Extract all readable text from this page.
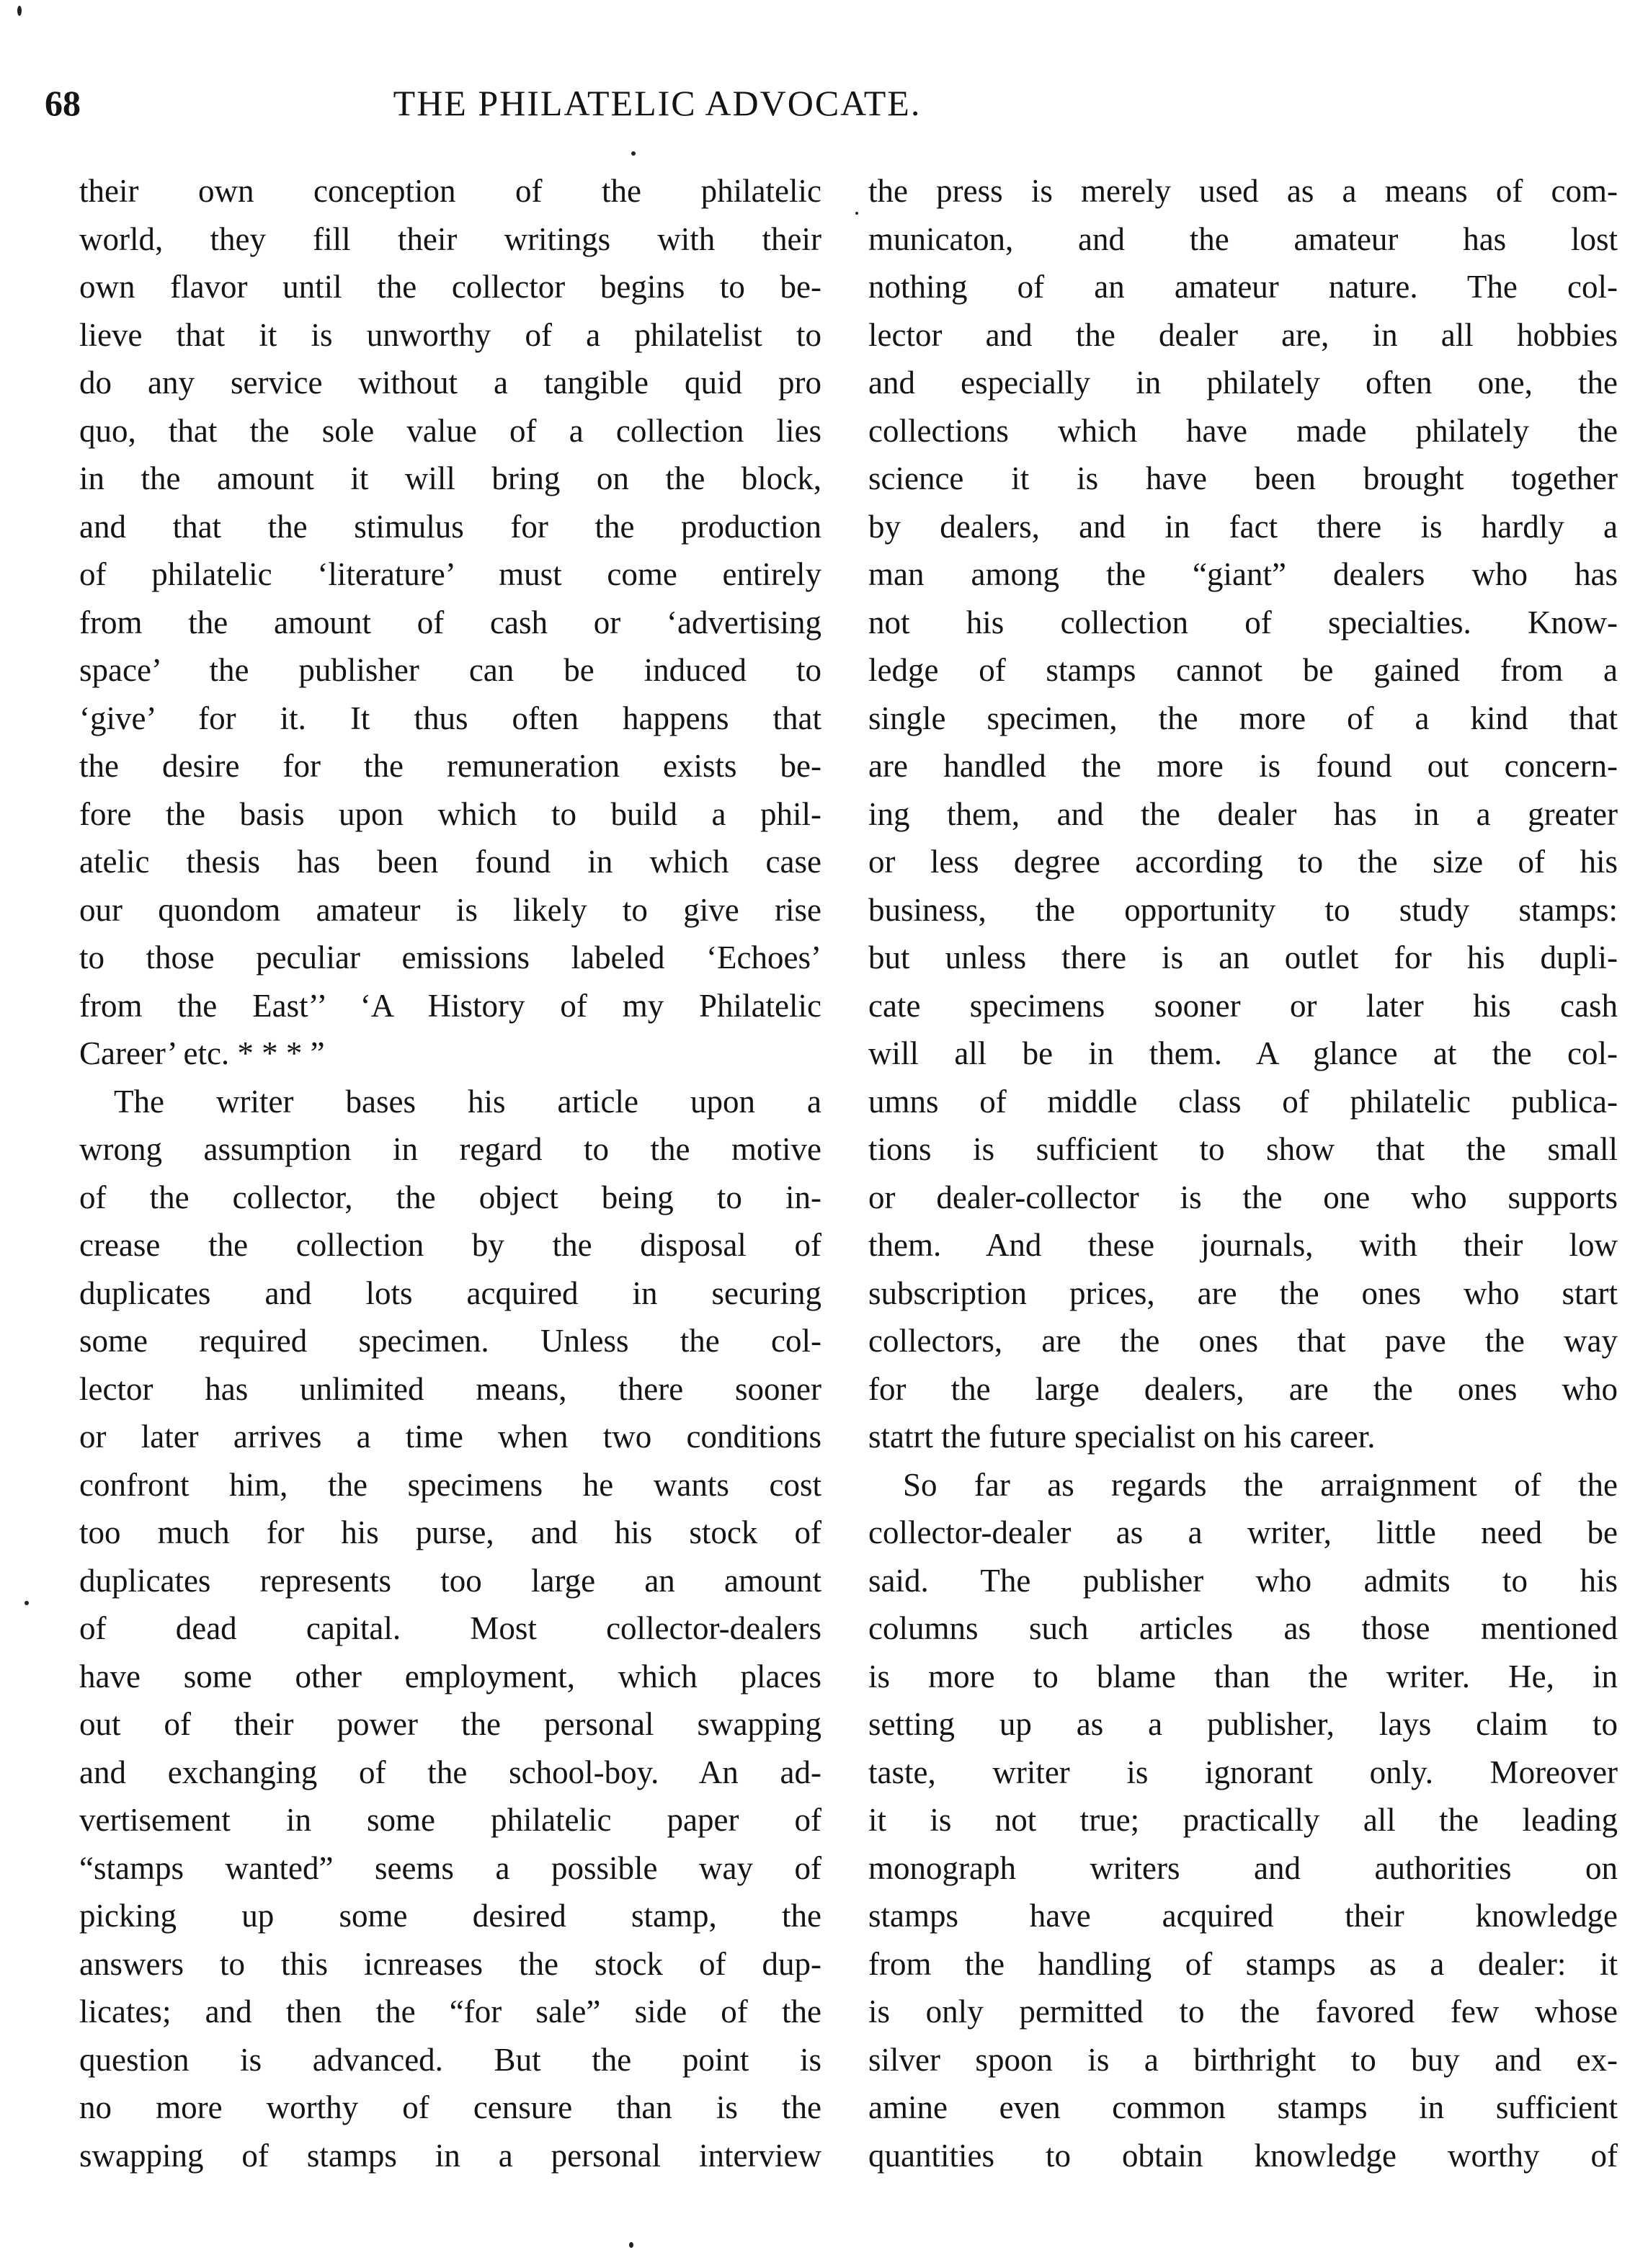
68	THE PHILATELIC ADVOCATE.
their own conception of the philatelic
world, they fill their writings with their
own flavor until the collector begins to be-
lieve that it is unworthy of a philatelist to
do any service without a tangible quid pro
quo, that the sole value of a collection lies
in the amount it will bring on the block,
and that the stimulus for the production
of philatelic ‘literature’ must come entirely
from the amount of cash or ‘advertising
space’ the publisher can be induced to
‘give’ for it. It thus often happens that
the desire for the remuneration exists be-
fore the basis upon which to build a phil-
atelic thesis has been found in which case
our quondom amateur is likely to give rise
to those peculiar emissions labeled ‘Echoes’
from the East’’ ‘A History of my Philatelic
Career’ etc. * * * ”
The writer bases his article upon a
wrong assumption in regard to the motive
of the collector, the object being to in-
crease the collection by the disposal of
duplicates and lots acquired in securing
some required specimen. Unless the col-
lector has unlimited means, there sooner
or later arrives a time when two conditions
confront him, the specimens he wants cost
too much for his purse, and his stock of
duplicates represents too large an amount
of dead capital. Most collector-dealers
have some other employment, which places
out of their power the personal swapping
and exchanging of the school-boy. An ad-
vertisement in some philatelic paper of
“stamps wanted” seems a possible way of
picking up some desired stamp, the
answers to this icnreases the stock of dup-
licates; and then the “for sale” side of the
question is advanced. But the point is
no more worthy of censure than is the
swapping of stamps in a personal interview
the press is merely used as a means of com-
municaton, and the amateur has lost
nothing of an amateur nature. The col-
lector and the dealer are, in all hobbies
and especially in philately often one, the
collections which have made philately the
science it is have been brought together
by dealers, and in fact there is hardly a
man among the “giant” dealers who has
not his collection of specialties. Know-
ledge of stamps cannot be gained from a
single specimen, the more of a kind that
are handled the more is found out concern-
ing them, and the dealer has in a greater
or less degree according to the size of his
business, the opportunity to study stamps:
but unless there is an outlet for his dupli-
cate specimens sooner or later his cash
will all be in them. A glance at the col-
umns of middle class of philatelic publica-
tions is sufficient to show that the small
or dealer-collector is the one who supports
them. And these journals, with their low
subscription prices, are the ones who start
collectors, are the ones that pave the way
for the large dealers, are the ones who
statrt the future specialist on his career.
So far as regards the arraignment of the
collector-dealer as a writer, little need be
said. The publisher who admits to his
columns such articles as those mentioned
is more to blame than the writer. He, in
setting up as a publisher, lays claim to
taste, writer is ignorant only. Moreover
it is not true; practically all the leading
monograph writers and authorities on
stamps have acquired their knowledge
from the handling of stamps as a dealer: it
is only permitted to the favored few whose
silver spoon is a birthright to buy and ex-
amine even common stamps in sufficient
quantities to obtain knowledge worthy of
